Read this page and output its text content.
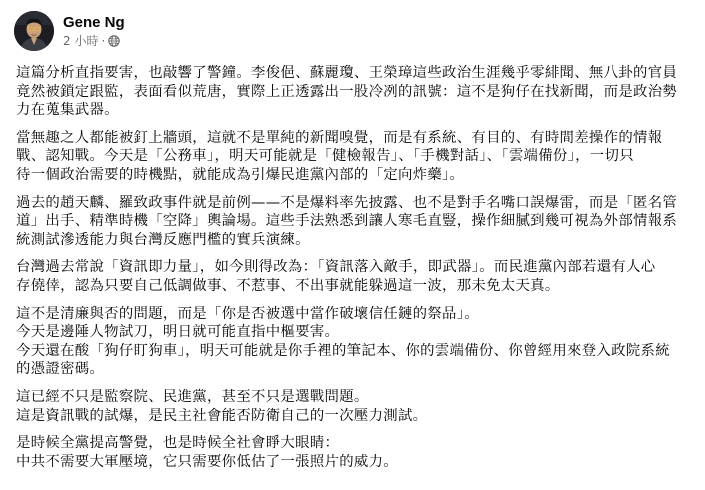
Gene Ng
2 小時 ·

這篇分析直指要害，也敲響了警鐘。李俊俋、蘇麗瓊、王榮璋這些政治生涯幾乎零緋聞、無八卦的官員
竟然被鎖定跟監，表面看似荒唐，實際上正透露出一股冷冽的訊號：這不是狗仔在找新聞，而是政治勢
力在蒐集武器。

當無趣之人都能被釘上牆頭，這就不是單純的新聞嗅覺，而是有系統、有目的、有時間差操作的情報
戰、認知戰。今天是「公務車」，明天可能就是「健檢報告」、「手機對話」、「雲端備份」，一切只
待一個政治需要的時機點，就能成為引爆民進黨內部的「定向炸藥」。

過去的趙天麟、羅致政事件就是前例——不是爆料率先披露、也不是對手名嘴口誤爆雷，而是「匿名管
道」出手、精準時機「空降」輿論場。這些手法熟悉到讓人寒毛直豎，操作細膩到幾可視為外部情報系
統測試滲透能力與台灣反應門檻的實兵演練。

台灣過去常說「資訊即力量」，如今則得改為：「資訊落入敵手，即武器」。而民進黨內部若還有人心
存僥倖，認為只要自己低調做事、不惹事、不出事就能躲過這一波，那未免太天真。

這不是清廉與否的問題，而是「你是否被選中當作破壞信任鏈的祭品」。
今天是邊陲人物試刀，明日就可能直指中樞要害。
今天還在酸「狗仔盯狗車」，明天可能就是你手裡的筆記本、你的雲端備份、你曾經用來登入政院系統
的憑證密碼。

這已經不只是監察院、民進黨，甚至不只是選戰問題。
這是資訊戰的試爆，是民主社會能否防衛自己的一次壓力測試。

是時候全黨提高警覺，也是時候全社會睜大眼睛：
中共不需要大軍壓境，它只需要你低估了一張照片的威力。
